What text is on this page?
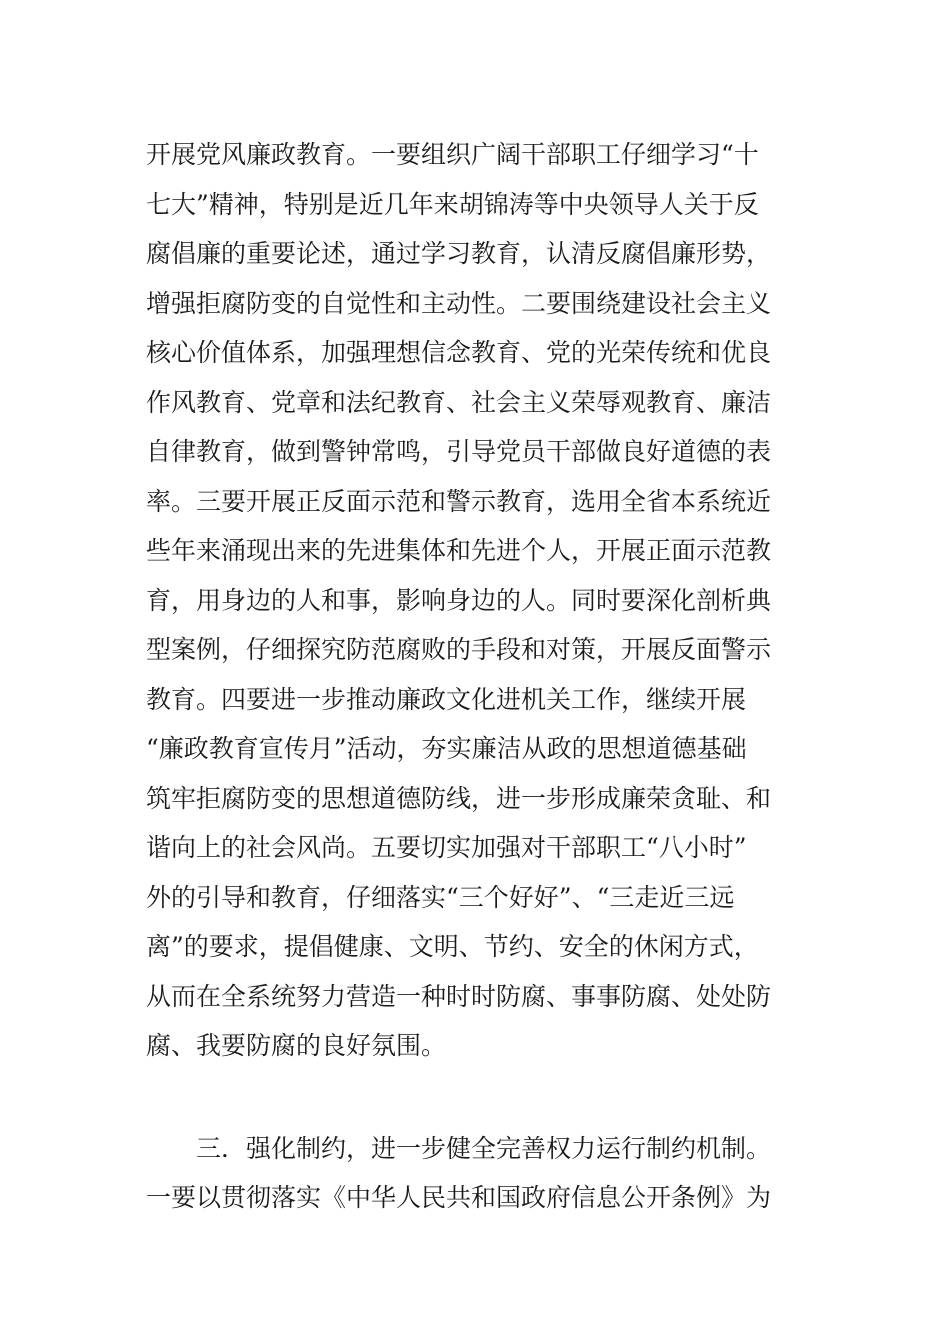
开展党风廉政教育。一要组织广阔干部职工仔细学习“十
七大”精神，特别是近几年来胡锦涛等中央领导人关于反
腐倡廉的重要论述，通过学习教育，认清反腐倡廉形势，
增强拒腐防变的自觉性和主动性。二要围绕建设社会主义
核心价值体系，加强理想信念教育、党的光荣传统和优良
作风教育、党章和法纪教育、社会主义荣辱观教育、廉洁
自律教育，做到警钟常鸣，引导党员干部做良好道德的表
率。三要开展正反面示范和警示教育，选用全省本系统近
些年来涌现出来的先进集体和先进个人，开展正面示范教
育，用身边的人和事，影响身边的人。同时要深化剖析典
型案例，仔细探究防范腐败的手段和对策，开展反面警示
教育。四要进一步推动廉政文化进机关工作，继续开展
“廉政教育宣传月”活动，夯实廉洁从政的思想道德基础
筑牢拒腐防变的思想道德防线，进一步形成廉荣贪耻、和
谐向上的社会风尚。五要切实加强对干部职工“八小时”
外的引导和教育，仔细落实“三个好好”、“三走近三远
离”的要求，提倡健康、文明、节约、安全的休闲方式，
从而在全系统努力营造一种时时防腐、事事防腐、处处防
腐、我要防腐的良好氛围。
三．强化制约，进一步健全完善权力运行制约机制。
一要以贯彻落实《中华人民共和国政府信息公开条例》为
